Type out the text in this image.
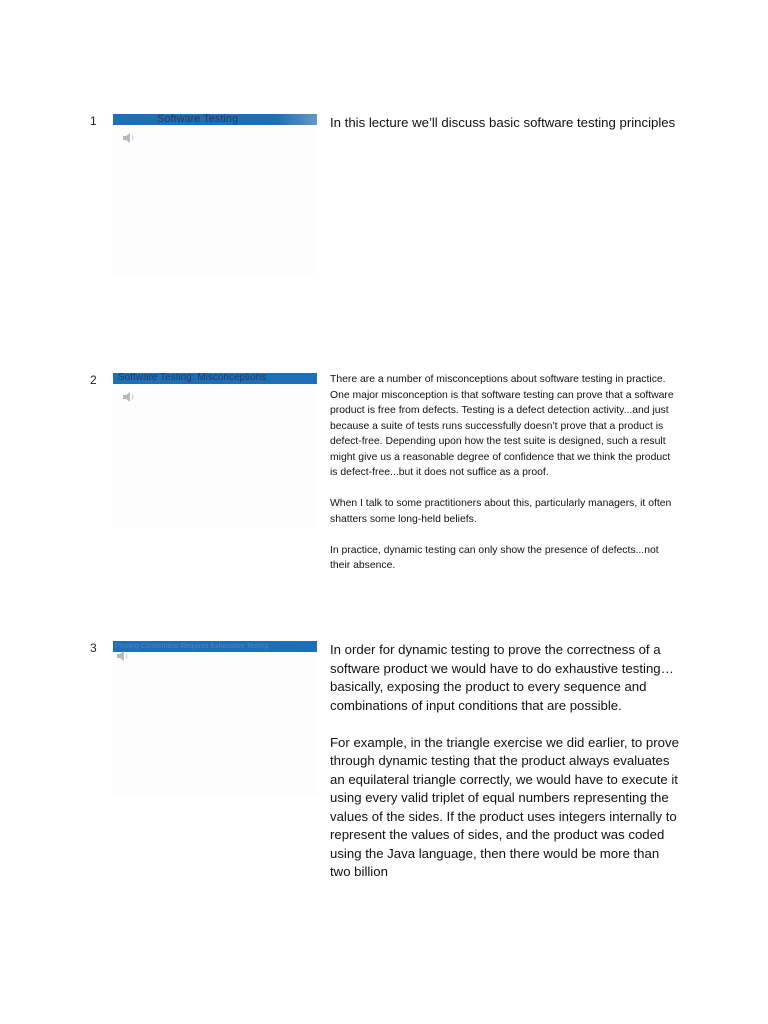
1	Software Testing	In this lecture we’ll discuss basic software testing principles

2 Software Testing: Misconceptions	There are a number of misconceptions about software testing in practice. One major misconception is that software testing can prove that a software product is free from defects. Testing is a defect detection activity...and just because a suite of tests runs successfully doesn’t prove that a product is defect-free. Depending upon how the test suite is designed, such a result might give us a reasonable degree of confidence that we think the product is defect-free...but it does not suffice as a proof.

When I talk to some practitioners about this, particularly managers, it often shatters some long-held beliefs.

In practice, dynamic testing can only show the presence of defects...not their absence.

3	Proving Correctness Requires Exhaustive Testing	In order for dynamic testing to prove the correctness of a software product we would have to do exhaustive testing…basically, exposing the product to every sequence and combinations of input conditions that are possible.

For example, in the triangle exercise we did earlier, to prove through dynamic testing that the product always evaluates an equilateral triangle correctly, we would have to execute it using every valid triplet of equal numbers representing the values of the sides. If the product uses integers internally to represent the values of sides, and the product was coded using the Java language, then there would be more than two billion
